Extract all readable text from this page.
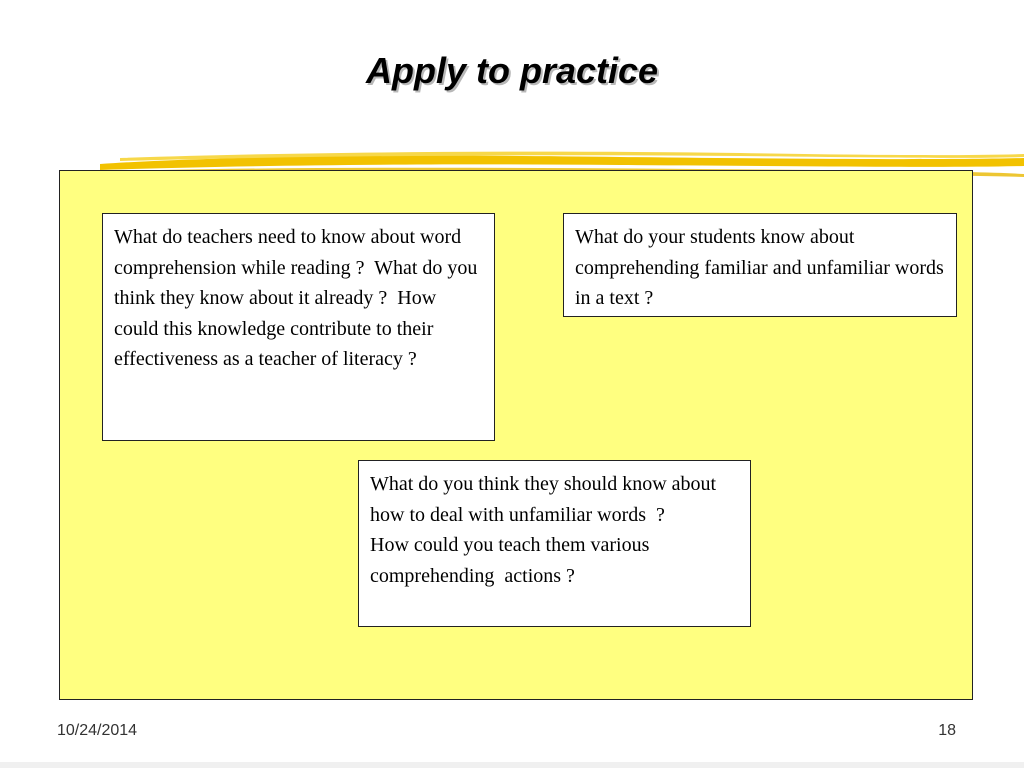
Apply to practice
What do teachers need to know about word comprehension while reading ?  What do you think they know about it already ?  How could this knowledge contribute to their effectiveness as a teacher of literacy ?
What do your students know about comprehending familiar and unfamiliar words in a text ?
What do you think they should know about how to deal with unfamiliar words  ?
How could you teach them various comprehending  actions ?
10/24/2014	18
